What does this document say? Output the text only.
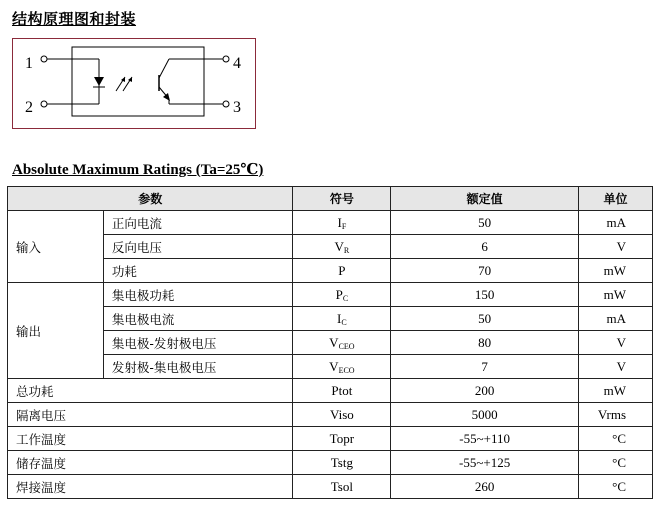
结构原理图和封装
1
2	3
4
Absolute Maximum Ratings (Ta=25℃)
参数		符号	额定值	单位
输入	正向电流	$I_F$	50	mA
	反向电压	$V_R$	6	V
	功耗	P	70	mW
输出	集电极功耗	$P_C$	150	mW
	集电极电流	$I_C$	50	mA
	集电极-发射极电压	$V_{CEO}$	80	V
	发射极-集电极电压	$V_{ECO}$	7	V
总功耗		Ptot	200	mW
隔离电压		Viso	5000	Vrms
工作温度		Topr	-55~+110	°C
储存温度		Tstg	-55~+125	°C
焊接温度		Tsol	260	°C
